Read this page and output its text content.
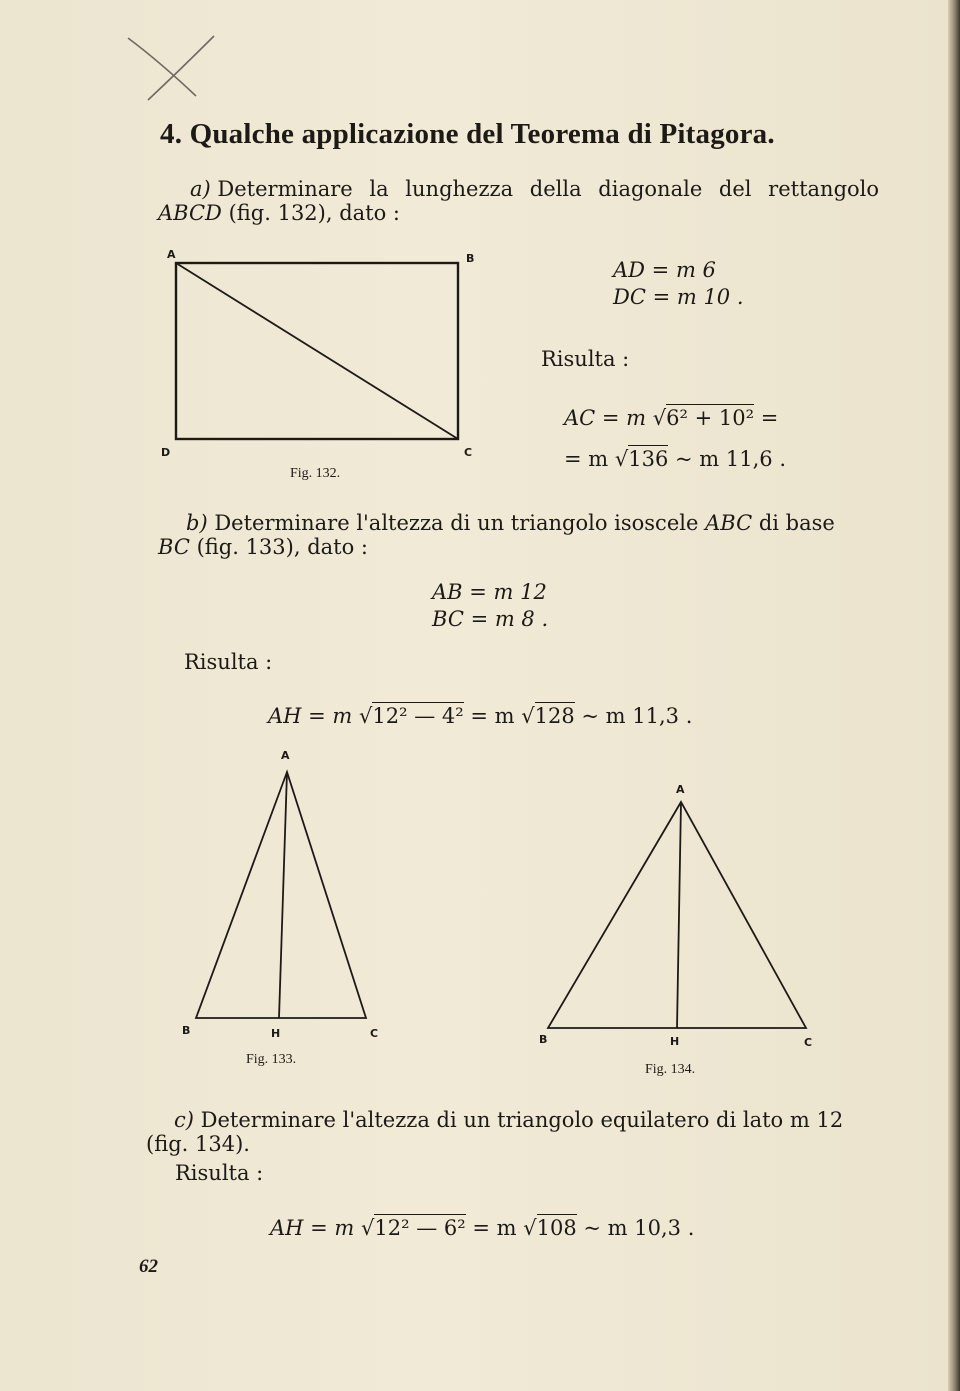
4. Qualche applicazione del Teorema di Pitagora.
a) Determinare la lunghezza della diagonale del rettangolo
ABCD (fig. 132), dato :
A	B
C
D
Fig. 132.
AD = m 6
DC = m 10 .
Risulta :
AC = m √6² + 10² =
= m √136 ~ m 11,6 .
b) Determinare l'altezza di un triangolo isoscele ABC di base
BC (fig. 133), dato :
AB = m 12
BC = m 8 .
Risulta :
AH = m √12² — 4² = m √128 ~ m 11,3 .
A
B	H	C
Fig. 133.
A
B	H	C
Fig. 134.
c) Determinare l'altezza di un triangolo equilatero di lato m 12
(fig. 134).
Risulta :
AH = m √12² — 6² = m √108 ~ m 10,3 .
62
